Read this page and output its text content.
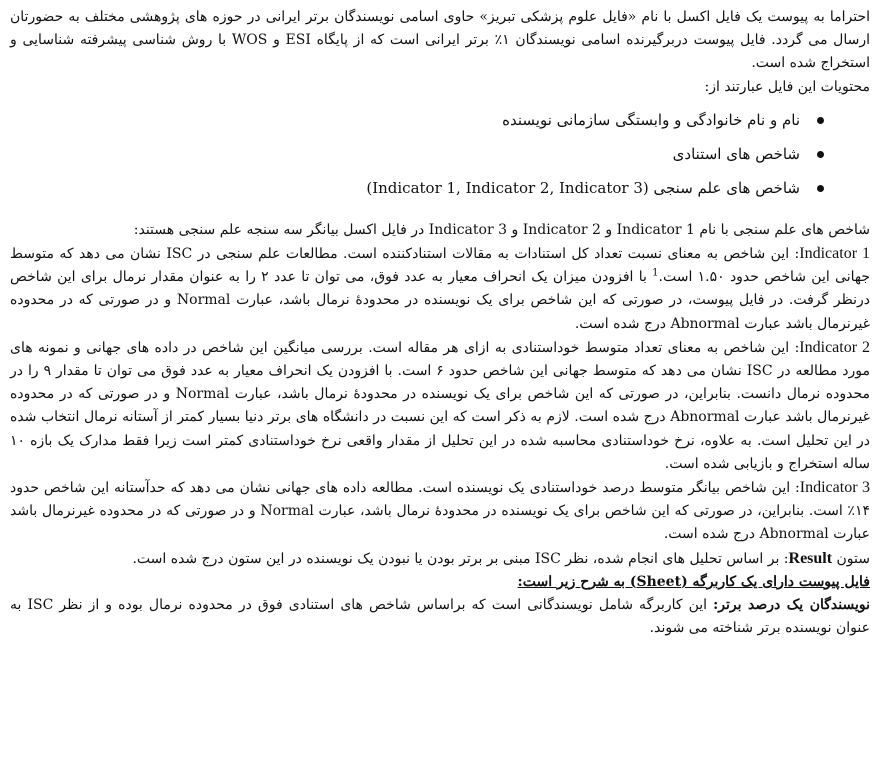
احتراما به پیوست یک فایل اکسل با نام «فایل علوم پزشکی تبریز» حاوی اسامی نویسندگان برتر ایرانی در حوزه های پژوهشی مختلف به حضورتان ارسال می گردد. فایل پیوست دربرگیرنده اسامی نویسندگان ۱٪ برتر ایرانی است که از پایگاه ESI و WOS با روش شناسی پیشرفته شناسایی و استخراج شده است.

محتویات این فایل عبارتند از:

نام و نام خانوادگی و وابستگی سازمانی نویسنده
شاخص های استنادی
شاخص های علم سنجی (Indicator 1, Indicator 2, Indicator 3)

شاخص های علم سنجی با نام Indicator 1 و Indicator 2 و Indicator 3 در فایل اکسل بیانگر سه سنجه علم سنجی هستند:

Indicator 1: این شاخص به معنای نسبت تعداد کل استنادات به مقالات استنادکننده است. مطالعات علم سنجی در ISC نشان می دهد که متوسط جهانی این شاخص حدود ۱.۵۰ است.$^1$ با افزودن میزان یک انحراف معیار به عدد فوق، می توان تا عدد ۲ را به عنوان مقدار نرمال برای این شاخص درنظر گرفت. در فایل پیوست، در صورتی که این شاخص برای یک نویسنده در محدودۀ نرمال باشد، عبارت Normal و در صورتی که در محدوده غیرنرمال باشد عبارت Abnormal درج شده است.

Indicator 2: این شاخص به معنای تعداد متوسط خوداستنادی به ازای هر مقاله است. بررسی میانگین این شاخص در داده های جهانی و نمونه های مورد مطالعه در ISC نشان می دهد که متوسط جهانی این شاخص حدود ۶ است. با افزودن یک انحراف معیار به عدد فوق می توان تا مقدار ۹ را در محدوده نرمال دانست. بنابراین، در صورتی که این شاخص برای یک نویسنده در محدودۀ نرمال باشد، عبارت Normal و در صورتی که در محدوده غیرنرمال باشد عبارت Abnormal درج شده است. لازم به ذکر است که این نسبت در دانشگاه های برتر دنیا بسیار کمتر از آستانه نرمال انتخاب شده در این تحلیل است. به علاوه، نرخ خوداستنادی محاسبه شده در این تحلیل از مقدار واقعی نرخ خوداستنادی کمتر است زیرا فقط مدارک یک بازه ۱۰ ساله استخراج و بازیابی شده است.

Indicator 3: این شاخص بیانگر متوسط درصد خوداستنادی یک نویسنده است. مطالعه داده های جهانی نشان می دهد که حدآستانه این شاخص حدود ۱۴٪ است. بنابراین، در صورتی که این شاخص برای یک نویسنده در محدودۀ نرمال باشد، عبارت Normal و در صورتی که در محدوده غیرنرمال باشد عبارت Abnormal درج شده است.

ستون Result: بر اساس تحلیل های انجام شده، نظر ISC مبنی بر برتر بودن یا نبودن یک نویسنده در این ستون درج شده است.

فایل پیوست دارای یک کاربرگه (Sheet) به شرح زیر است:

نویسندگان یک درصد برتر: این کاربرگه شامل نویسندگانی است که براساس شاخص های استنادی فوق در محدوده نرمال بوده و از نظر ISC به عنوان نویسنده برتر شناخته می شوند.
